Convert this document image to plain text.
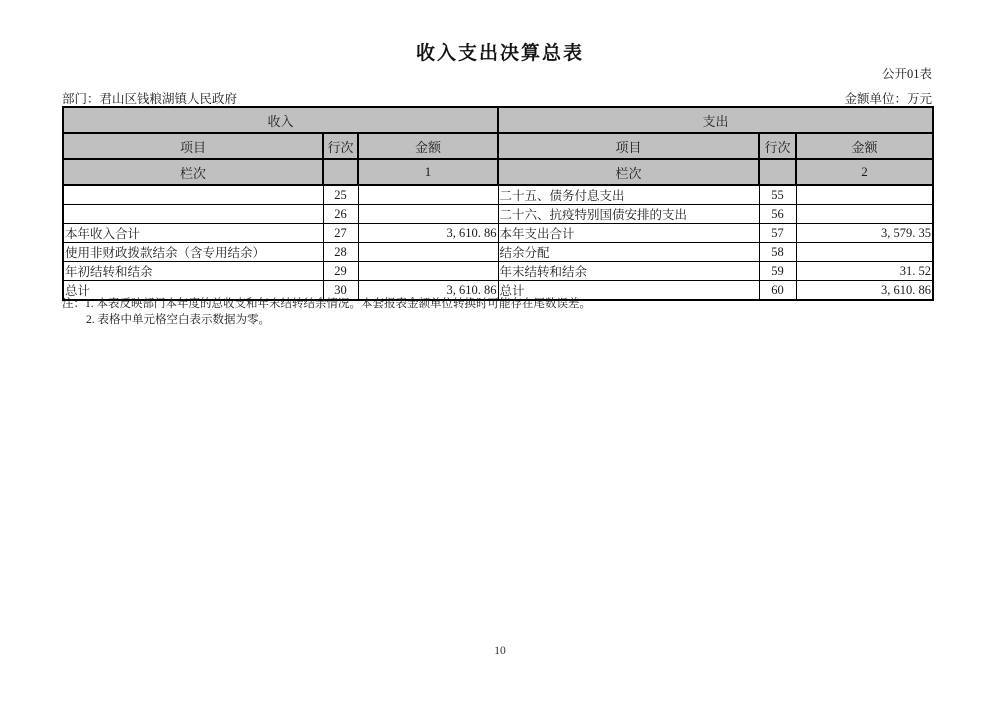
收入支出决算总表
公开01表
部门：君山区钱粮湖镇人民政府	金额单位：万元
收入			支出		
项目	行次	金额	项目	行次	金额
栏次		1	栏次		2
	25		二十五、债务付息支出	55	
	26		二十六、抗疫特别国债安排的支出	56	
本年收入合计	27	3, 610. 86	本年支出合计	57	3, 579. 35
使用非财政拨款结余（含专用结余）	28		结余分配	58	
年初结转和结余	29		年末结转和结余	59	31. 52
总计	30	3, 610. 86	总计	60	3, 610. 86
注：1. 本表反映部门本年度的总收支和年末结转结余情况。本套报表金额单位转换时可能存在尾数误差。
2. 表格中单元格空白表示数据为零。
10
